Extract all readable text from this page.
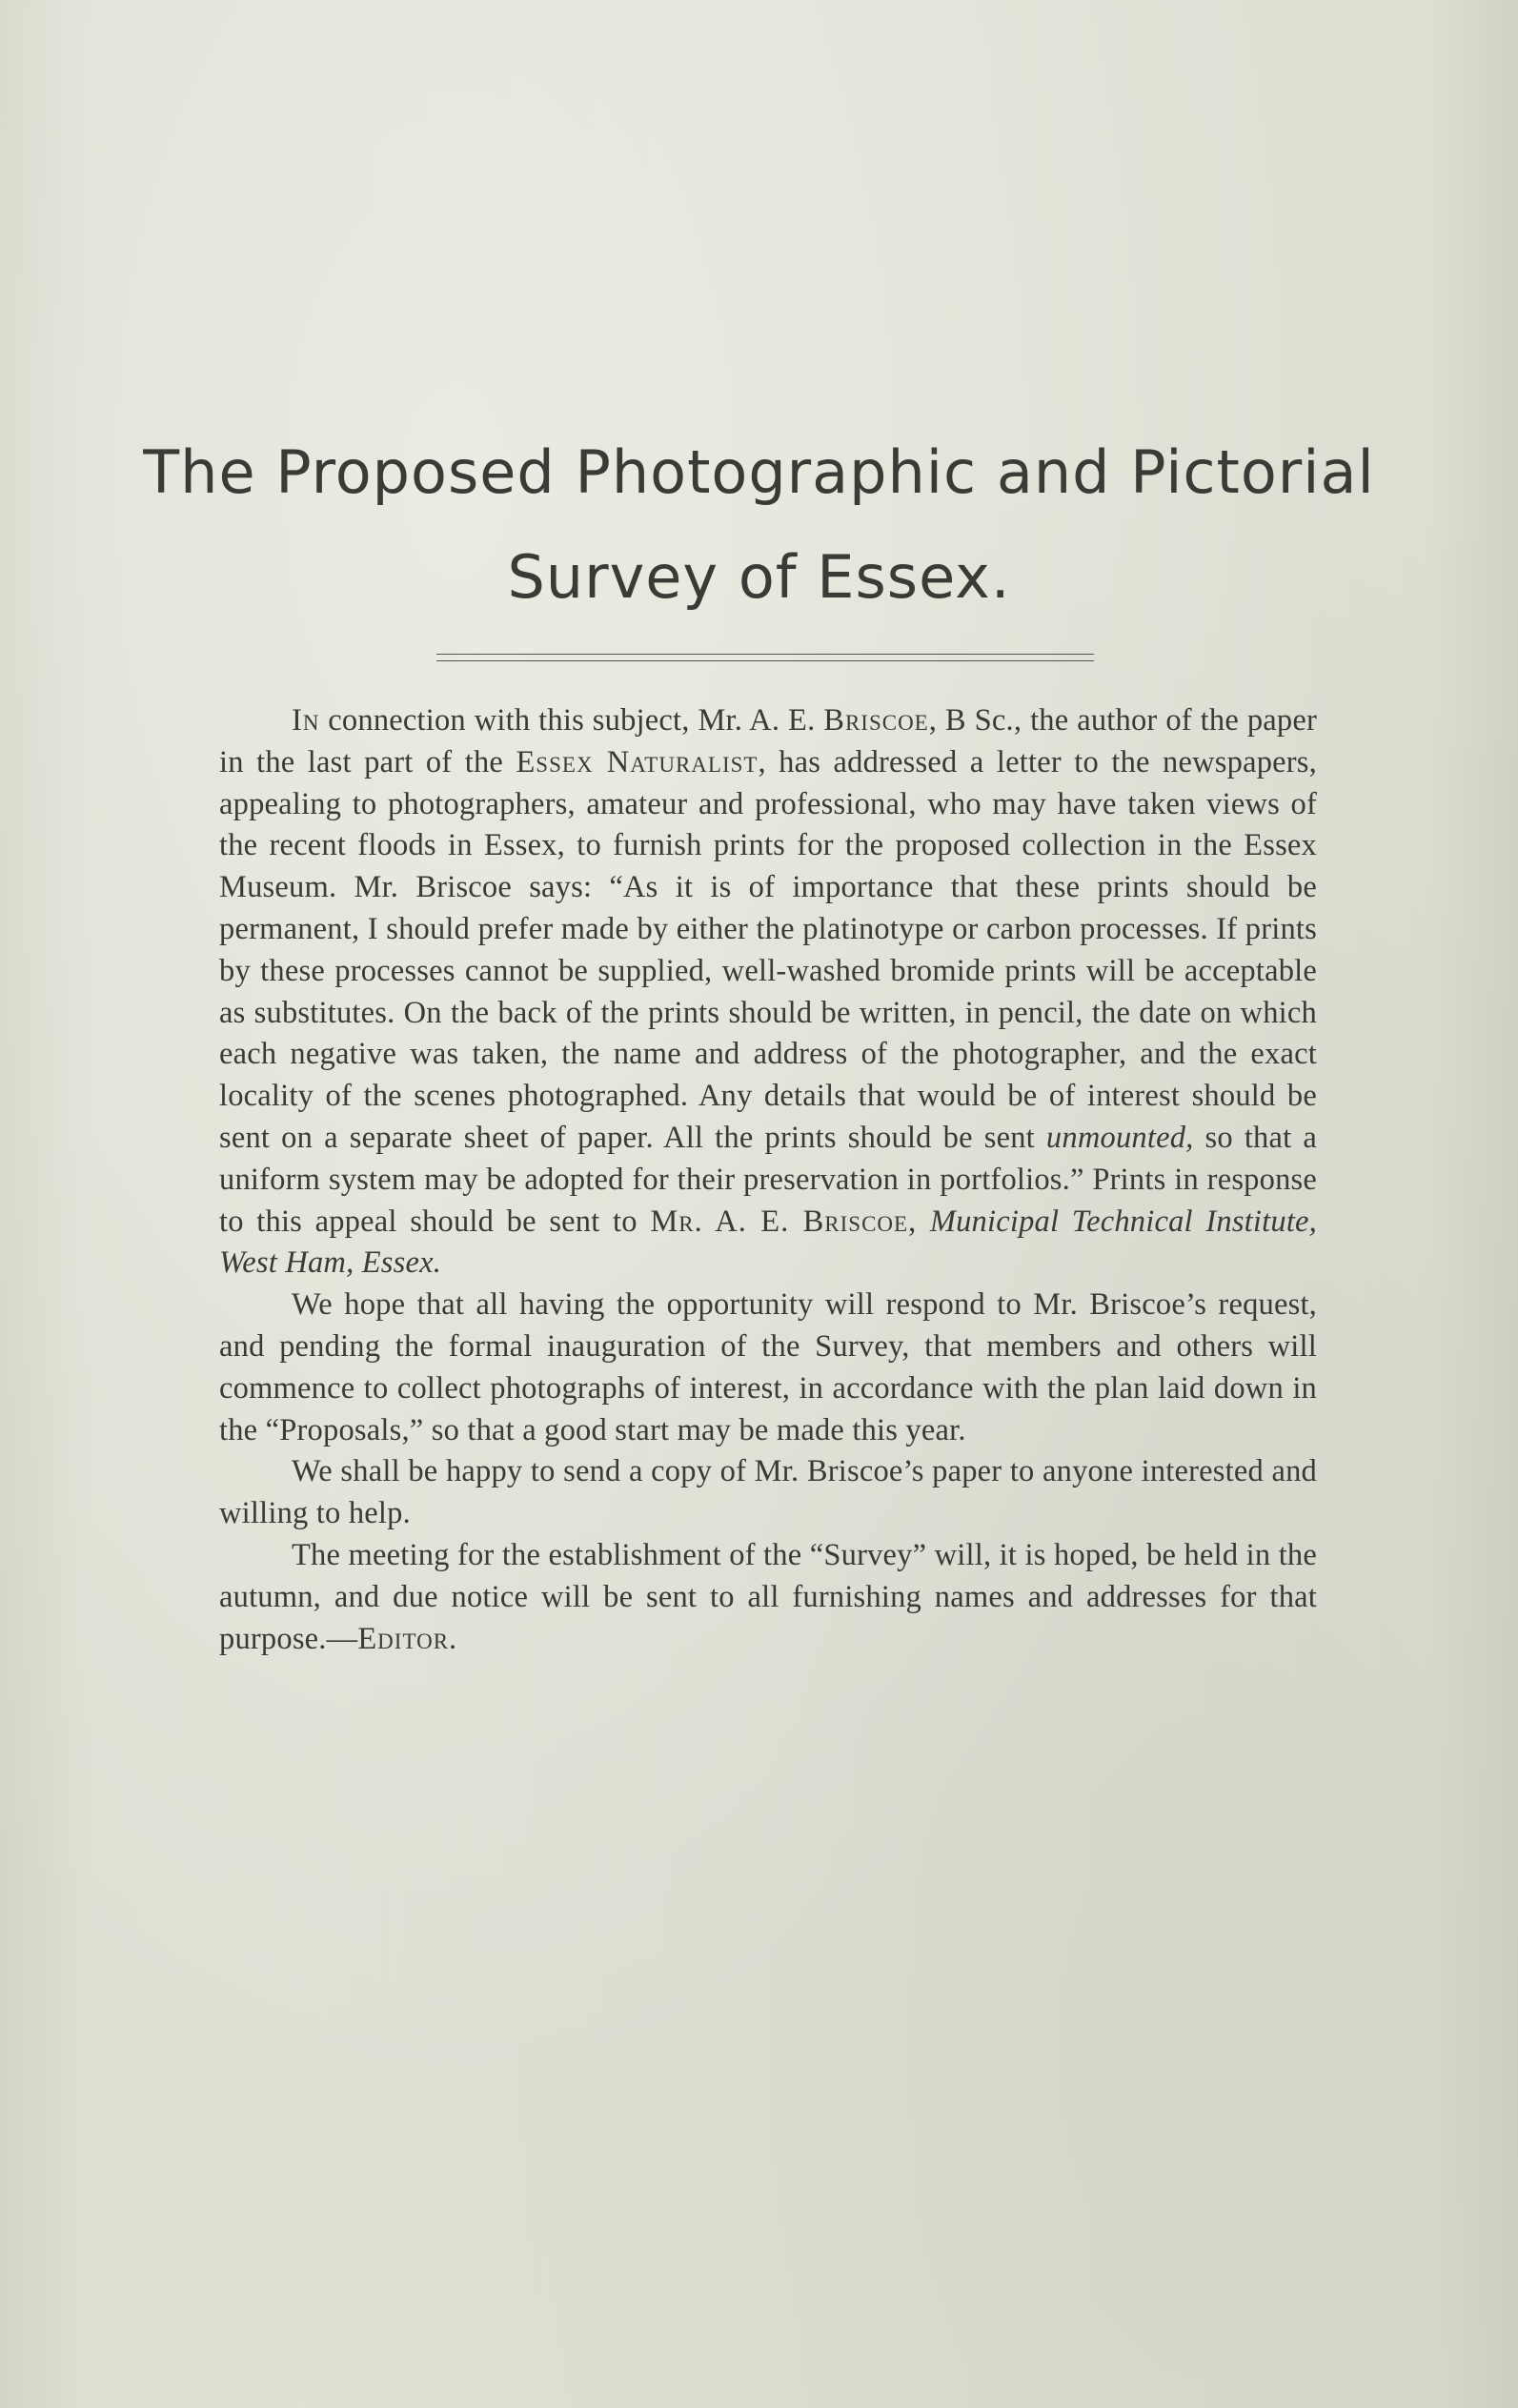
The Proposed Photographic and Pictorial
Survey of Essex.

In connection with this subject, Mr. A. E. Briscoe, B Sc., the author of the paper in the last part of the Essex Naturalist, has addressed a letter to the newspapers, appealing to photographers, amateur and professional, who may have taken views of the recent floods in Essex, to furnish prints for the proposed collection in the Essex Museum. Mr. Briscoe says: “As it is of importance that these prints should be permanent, I should prefer made by either the platinotype or carbon processes. If prints by these processes cannot be supplied, well-washed bromide prints will be acceptable as substitutes. On the back of the prints should be written, in pencil, the date on which each negative was taken, the name and address of the photographer, and the exact locality of the scenes photographed. Any details that would be of interest should be sent on a separate sheet of paper. All the prints should be sent unmounted, so that a uniform system may be adopted for their preservation in portfolios.” Prints in response to this appeal should be sent to Mr. A. E. Briscoe, Municipal Technical Institute, West Ham, Essex.

We hope that all having the opportunity will respond to Mr. Briscoe’s request, and pending the formal inauguration of the Survey, that members and others will commence to collect photographs of interest, in accordance with the plan laid down in the “Proposals,” so that a good start may be made this year.

We shall be happy to send a copy of Mr. Briscoe’s paper to anyone interested and willing to help.

The meeting for the establishment of the “Survey” will, it is hoped, be held in the autumn, and due notice will be sent to all furnishing names and addresses for that purpose.—Editor.
